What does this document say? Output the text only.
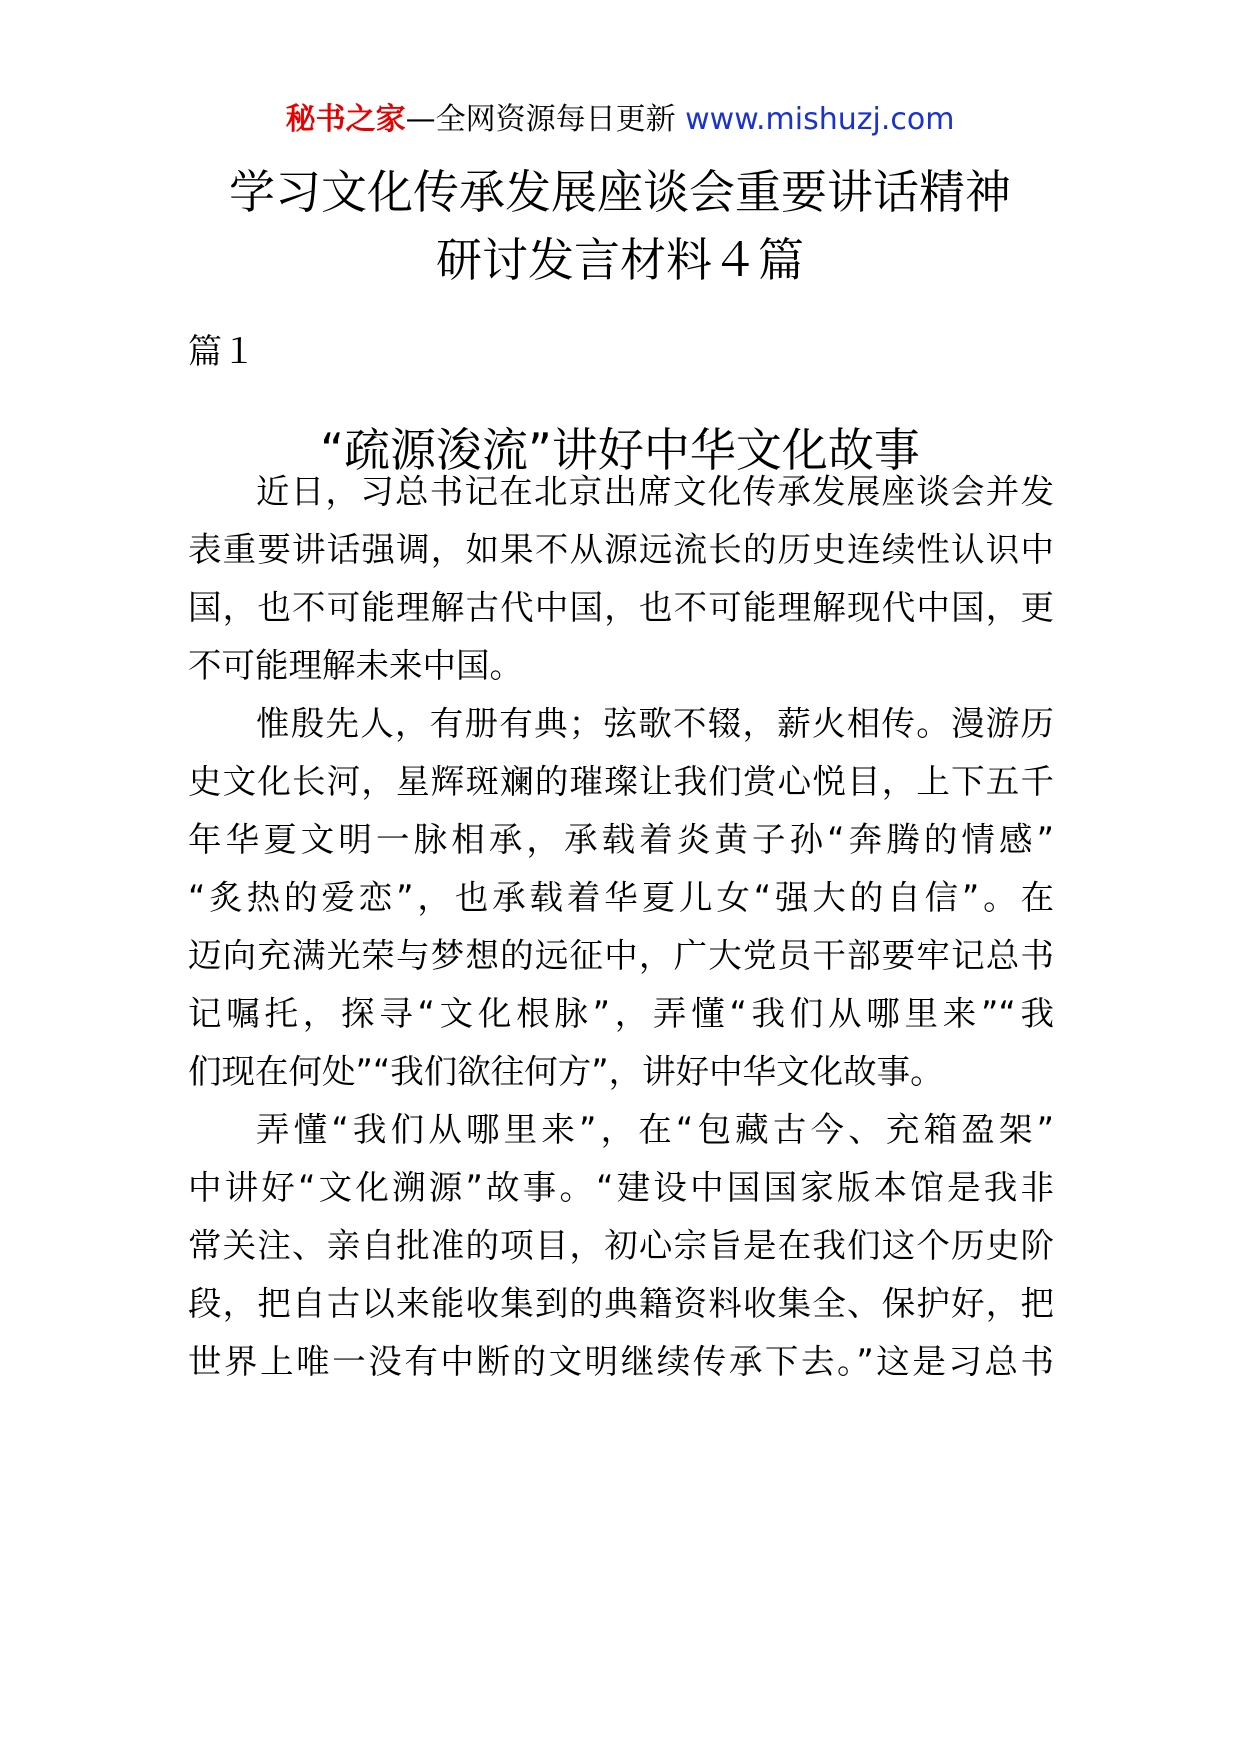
秘书之家—全网资源每日更新 www.mishuzj.com
学习文化传承发展座谈会重要讲话精神
研讨发言材料４篇
篇１
“疏源浚流”讲好中华文化故事
近日，习总书记在北京出席文化传承发展座谈会并发
表重要讲话强调，如果不从源远流长的历史连续性认识中
国，也不可能理解古代中国，也不可能理解现代中国，更
不可能理解未来中国。
惟殷先人，有册有典；弦歌不辍，薪火相传。漫游历
史文化长河，星辉斑斓的璀璨让我们赏心悦目，上下五千
年华夏文明一脉相承，承载着炎黄子孙“奔腾的情感”
“炙热的爱恋”，也承载着华夏儿女“强大的自信”。在
迈向充满光荣与梦想的远征中，广大党员干部要牢记总书
记嘱托，探寻“文化根脉”，弄懂“我们从哪里来”“我
们现在何处”“我们欲往何方”，讲好中华文化故事。
弄懂“我们从哪里来”，在“包藏古今、充箱盈架”
中讲好“文化溯源”故事。“建设中国国家版本馆是我非
常关注、亲自批准的项目，初心宗旨是在我们这个历史阶
段，把自古以来能收集到的典籍资料收集全、保护好，把
世界上唯一没有中断的文明继续传承下去。”这是习总书
